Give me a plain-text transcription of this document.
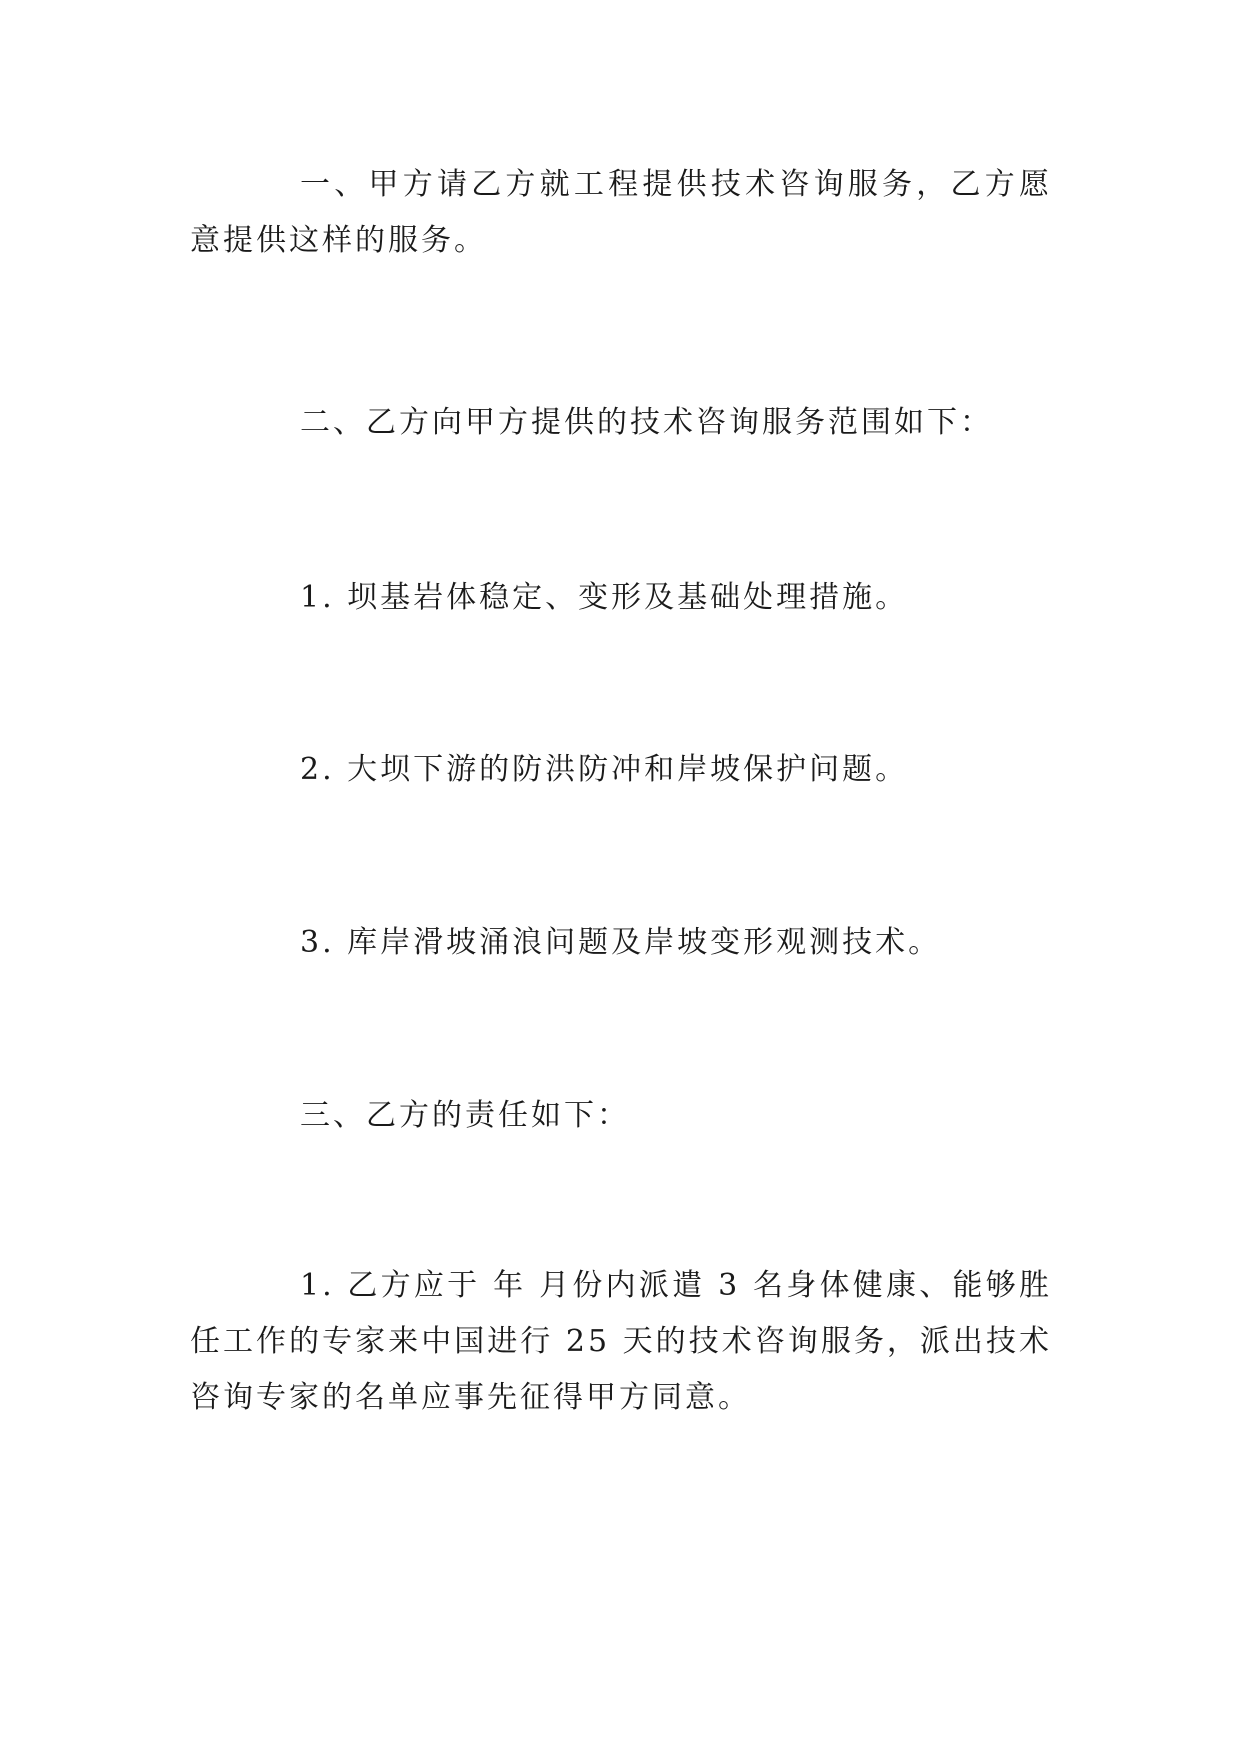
一、甲方请乙方就工程提供技术咨询服务，乙方愿意提供这样的服务。

二、乙方向甲方提供的技术咨询服务范围如下：

1. 坝基岩体稳定、变形及基础处理措施。

2. 大坝下游的防洪防冲和岸坡保护问题。

3. 库岸滑坡涌浪问题及岸坡变形观测技术。

三、乙方的责任如下：

1. 乙方应于 年 月份内派遣 3 名身体健康、能够胜任工作的专家来中国进行 25 天的技术咨询服务，派出技术咨询专家的名单应事先征得甲方同意。
